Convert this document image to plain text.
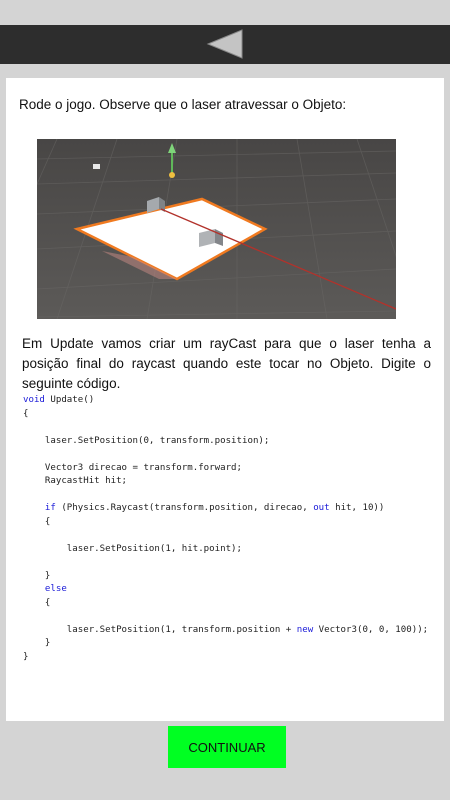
Rode o jogo. Observe que o laser atravessar o Objeto:

Em Update vamos criar um rayCast para que o laser tenha a posição final do raycast quando este tocar no Objeto. Digite o seguinte código.

void Update()
{

laser.SetPosition(0, transform.position);

Vector3 direcao = transform.forward;
RaycastHit hit;

if (Physics.Raycast(transform.position, direcao, out hit, 10))
{

laser.SetPosition(1, hit.point);

}
else
{

laser.SetPosition(1, transform.position + new Vector3(0, 0, 100));
}
}
CONTINUAR
